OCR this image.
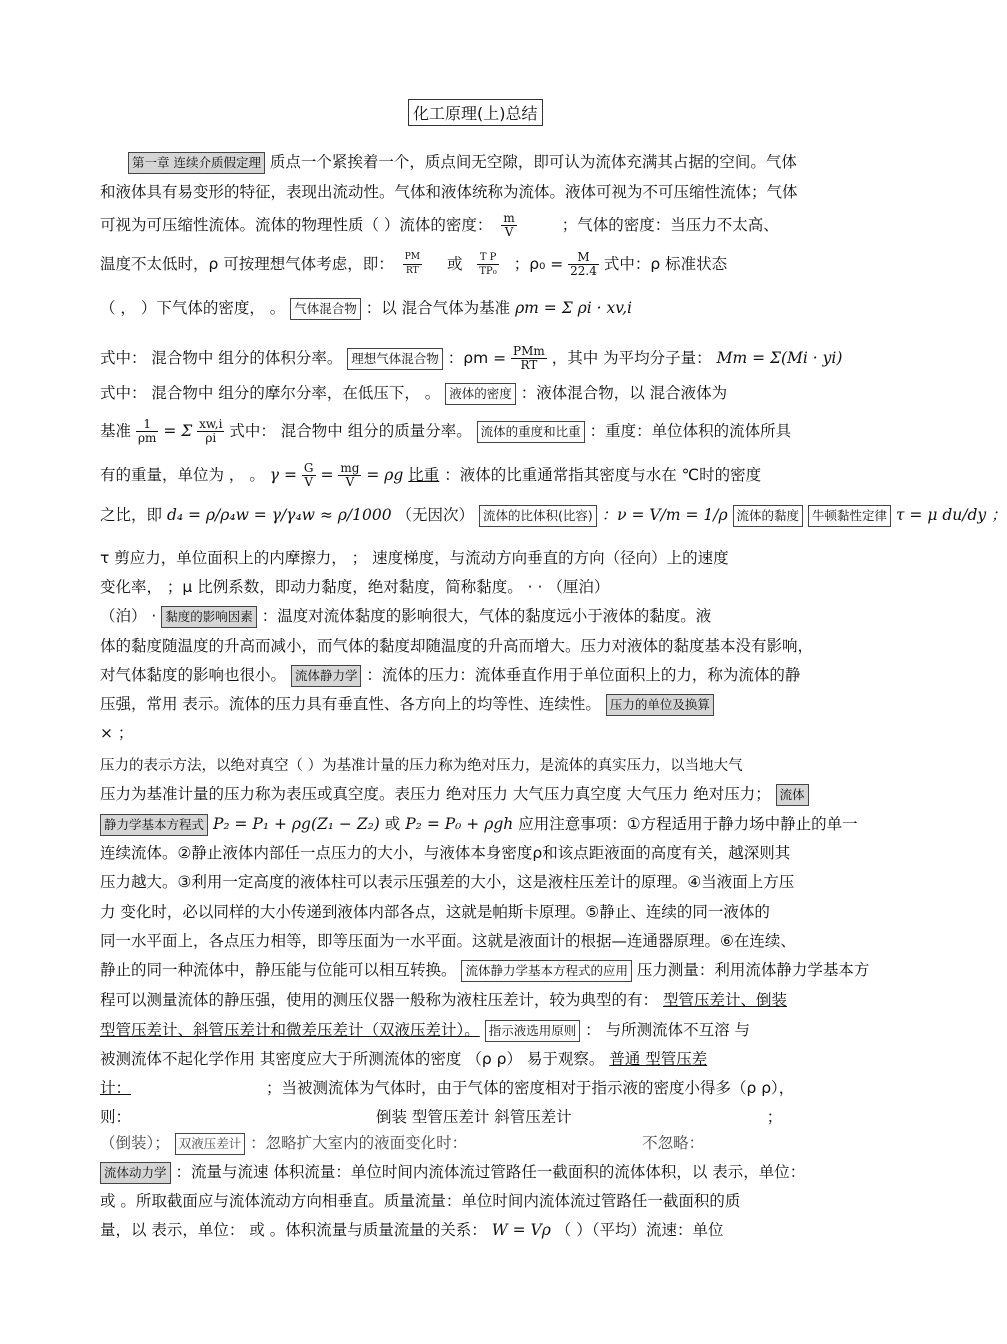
化工原理(上)总结
第一章 连续介质假定理 质点一个紧挨着一个，质点间无空隙，即可认为流体充满其占据的空间。气体
和液体具有易变形的特征，表现出流动性。气体和液体统称为流体。液体可视为不可压缩性流体；气体
可视为可压缩性流体。流体的物理性质（ ）流体的密度： $\frac{m}{V}$	；气体的密度：当压力不太高、
温度不太低时，ρ 可按理想气体考虑，即： $\frac{PM}{RT}$ 或 $\frac{\text{T P}}{\text{TP₀}}$ ；$\rho_0 = \frac{M}{22.4}$ 式中：ρ 标准状态
（ ， ）下气体的密度， 。 气体混合物 ：以 混合气体为基准 ρm = Σ ρi · xv,i
式中： 混合物中 组分的体积分率。 理想气体混合物 ：$\rho m = \frac{\text{PMm}}{RT}$ ，其中 为平均分子量： Mm = Σ(Mi · yi)
式中： 混合物中 组分的摩尔分率，在低压下， 。 液体的密度 ：液体混合物，以 混合液体为
基准 $\frac{1}{\rho m} = \Sigma \frac{xw,i}{\rho i}$ 式中： 混合物中 组分的质量分率。 流体的重度和比重 ：重度：单位体积的流体所具
有的重量，单位为 ， 。 $\gamma = \frac{G}{V} = \frac{mg}{V} = \rho g$ 比重 ：液体的比重通常指其密度与水在 ℃时的密度
之比，即 d₄ = ρ/ρ₄w = γ/γ₄w ≈ ρ/1000 （无因次） 流体的比体积(比容) ：ν = V/m = 1/ρ 流体的黏度 牛顿黏性定律 τ = μ du/dy ；
τ 剪应力，单位面积上的内摩擦力， ； 速度梯度，与流动方向垂直的方向（径向）上的速度
变化率， ；μ 比例系数，即动力黏度，绝对黏度，简称黏度。 · · （厘泊）
（泊） · 黏度的影响因素 ：温度对流体黏度的影响很大，气体的黏度远小于液体的黏度。液
体的黏度随温度的升高而减小，而气体的黏度却随温度的升高而增大。压力对液体的黏度基本没有影响，
对气体黏度的影响也很小。 流体静力学 ：流体的压力：流体垂直作用于单位面积上的力，称为流体的静
压强，常用 表示。流体的压力具有垂直性、各方向上的均等性、连续性。 压力的单位及换算
× ；
压力的表示方法，以绝对真空（ ）为基准计量的压力称为绝对压力，是流体的真实压力，以当地大气
压力为基准计量的压力称为表压或真空度。表压力 绝对压力 大气压力真空度 大气压力 绝对压力； 流体
静力学基本方程式 P₂ = P₁ + ρg(Z₁ − Z₂) 或 P₂ = P₀ + ρgh 应用注意事项：①方程适用于静力场中静止的单一
连续流体。②静止液体内部任一点压力的大小，与液体本身密度ρ和该点距液面的高度有关，越深则其
压力越大。③利用一定高度的液体柱可以表示压强差的大小，这是液柱压差计的原理。④当液面上方压
力 变化时，必以同样的大小传递到液体内部各点，这就是帕斯卡原理。⑤静止、连续的同一液体的
同一水平面上，各点压力相等，即等压面为一水平面。这就是液面计的根据—连通器原理。⑥在连续、
静止的同一种流体中，静压能与位能可以相互转换。 流体静力学基本方程式的应用 压力测量：利用流体静力学基本方
程可以测量流体的静压强，使用的测压仪器一般称为液柱压差计，较为典型的有： 型管压差计、倒装
型管压差计、斜管压差计和微差压差计（双液压差计）。 指示液选用原则 ： 与所测流体不互溶 与
被测流体不起化学作用 其密度应大于所测流体的密度 （ρ ρ） 易于观察。 普通 型管压差
计：	；当被测流体为气体时，由于气体的密度相对于指示液的密度小得多（ρ ρ），
则：	倒装 型管压差计 斜管压差计	；
（倒装）； 双液压差计 ：忽略扩大室内的液面变化时：	不忽略：
流体动力学 ：流量与流速 体积流量：单位时间内流体流过管路任一截面积的流体体积，以 表示，单位：
或 。所取截面应与流体流动方向相垂直。质量流量：单位时间内流体流过管路任一截面积的质
量，以 表示，单位： 或 。体积流量与质量流量的关系： W = Vρ （ ）（平均）流速：单位
